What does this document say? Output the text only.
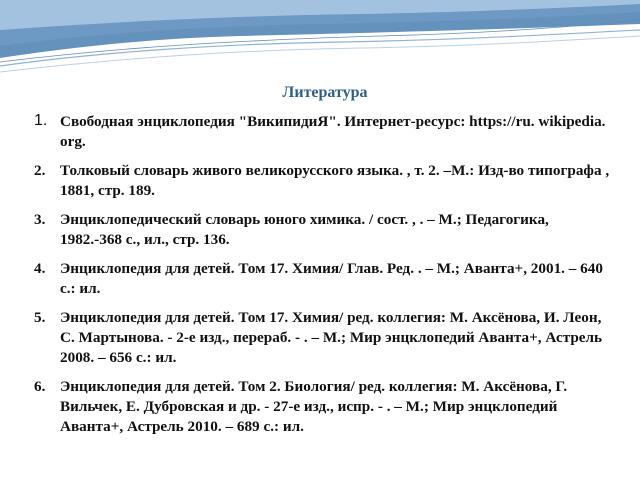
Литература
1. Свободная энциклопедия "ВикипидиЯ". Интернет-ресурс: https://ru. wikipedia. org.
2. Толковый словарь живого великорусского языка. , т. 2. –М.: Изд-во типографа , 1881, стр. 189.
3. Энциклопедический словарь юного химика. / сост. , . – М.; Педагогика, 1982.-368 с., ил., стр. 136.
4. Энциклопедия для детей. Том 17. Химия/ Глав. Ред. . – М.; Аванта+, 2001. – 640 с.: ил.
5. Энциклопедия для детей. Том 17. Химия/ ред. коллегия: М. Аксёнова, И. Леон, С. Мартынова. - 2-е изд., перераб. - . – М.; Мир энцклопедий Аванта+, Астрель 2008. – 656 с.: ил.
6. Энциклопедия для детей. Том 2. Биология/ ред. коллегия: М. Аксёнова, Г. Вильчек, Е. Дубровская и др. - 27-е изд., испр. - . – М.; Мир энцклопедий Аванта+, Астрель 2010. – 689 с.: ил.
